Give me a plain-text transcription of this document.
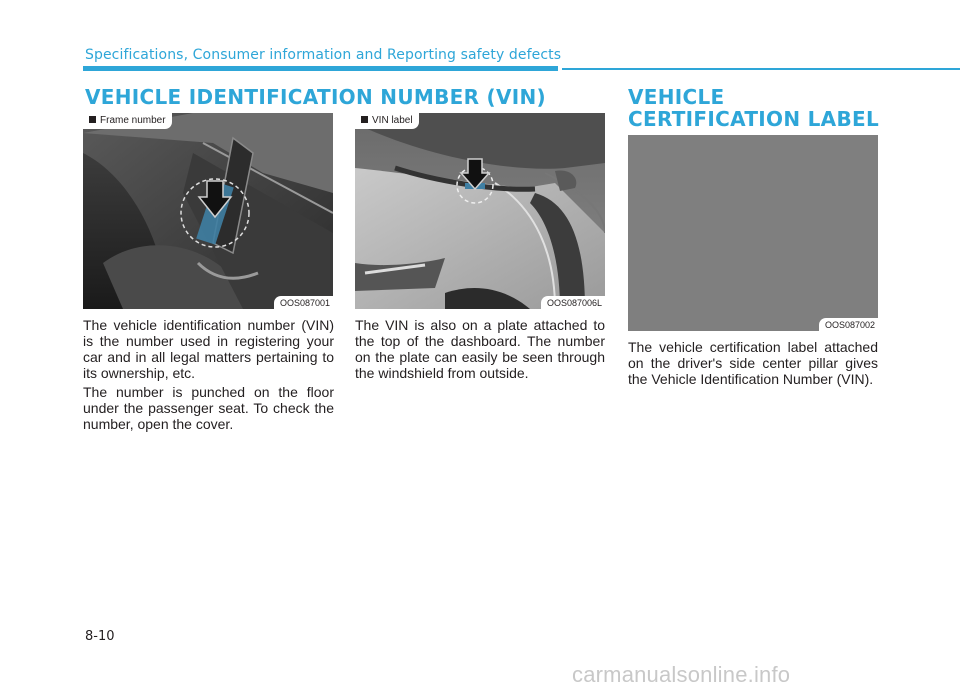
Specifications, Consumer information and Reporting safety defects
VEHICLE IDENTIFICATION NUMBER (VIN)	VEHICLE CERTIFICATION LABEL
Frame number
OOS087001
VIN label
OOS087006L
OOS087002

The vehicle identification number (VIN) is the number used in registering your car and in all legal matters pertaining to its ownership, etc.

The number is punched on the floor under the passenger seat. To check the number, open the cover.

The VIN is also on a plate attached to the top of the dashboard. The number on the plate can easily be seen through the windshield from outside.

The vehicle certification label attached on the driver's side center pillar gives the Vehicle Identification Number (VIN).

8-10
carmanualsonline.info
